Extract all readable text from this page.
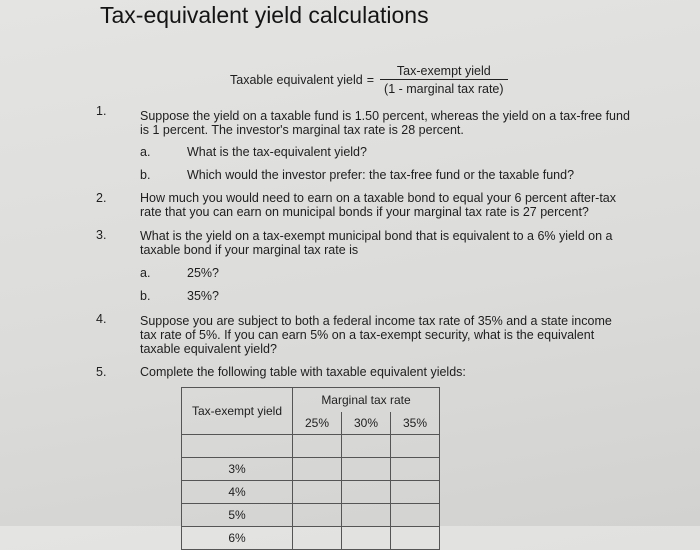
Tax-equivalent yield calculations
Taxable equivalent yield = $\frac{\text{Tax-exempt yield}}{\text{(1 - marginal tax rate)}}$
1.	Suppose the yield on a taxable fund is 1.50 percent, whereas the yield on a tax-free fund
is 1 percent. The investor's marginal tax rate is 28 percent.
a.	What is the tax-equivalent yield?
b.	Which would the investor prefer: the tax-free fund or the taxable fund?
2.	How much you would need to earn on a taxable bond to equal your 6 percent after-tax
rate that you can earn on municipal bonds if your marginal tax rate is 27 percent?
3.	What is the yield on a tax-exempt municipal bond that is equivalent to a 6% yield on a
taxable bond if your marginal tax rate is
a.	25%?
b.	35%?
4.	Suppose you are subject to both a federal income tax rate of 35% and a state income
tax rate of 5%. If you can earn 5% on a tax-exempt security, what is the equivalent
taxable equivalent yield?
5.	Complete the following table with taxable equivalent yields:
Tax-exempt yield	Marginal tax rate		
	25%	30%	35%

3%			
4%			
5%			
6%			
